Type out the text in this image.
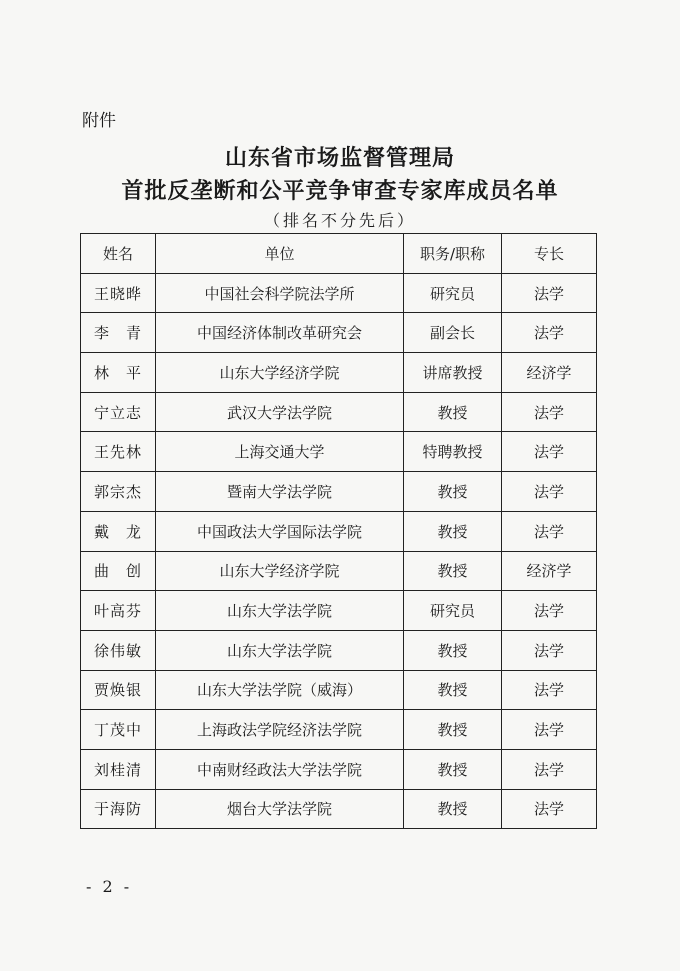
附件
山东省市场监督管理局
首批反垄断和公平竞争审查专家库成员名单
（排名不分先后）
姓名	单位	职务/职称	专长
王晓晔	中国社会科学院法学所	研究员	法学
李　青	中国经济体制改革研究会	副会长	法学
林　平	山东大学经济学院	讲席教授	经济学
宁立志	武汉大学法学院	教授	法学
王先林	上海交通大学	特聘教授	法学
郭宗杰	暨南大学法学院	教授	法学
戴　龙	中国政法大学国际法学院	教授	法学
曲　创	山东大学经济学院	教授	经济学
叶高芬	山东大学法学院	研究员	法学
徐伟敏	山东大学法学院	教授	法学
贾焕银	山东大学法学院（威海）	教授	法学
丁茂中	上海政法学院经济法学院	教授	法学
刘桂清	中南财经政法大学法学院	教授	法学
于海防	烟台大学法学院	教授	法学
- 2 -
